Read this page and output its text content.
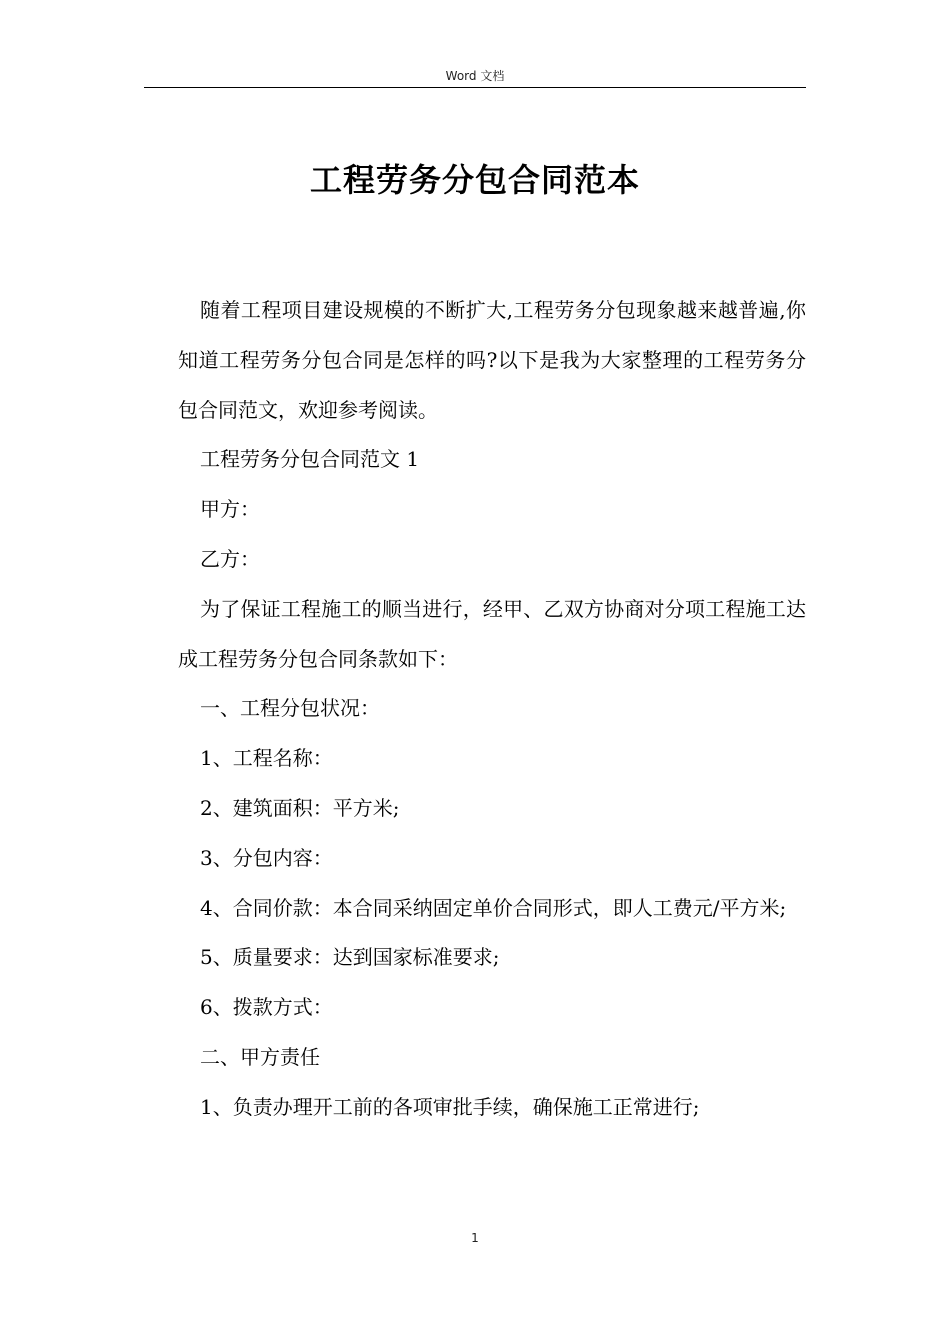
Word 文档
工程劳务分包合同范本

随着工程项目建设规模的不断扩大,工程劳务分包现象越来越普遍,你知道工程劳务分包合同是怎样的吗?以下是我为大家整理的工程劳务分包合同范文，欢迎参考阅读。

工程劳务分包合同范文 1

甲方：

乙方：

为了保证工程施工的顺当进行，经甲、乙双方协商对分项工程施工达成工程劳务分包合同条款如下：

一、工程分包状况：

1、工程名称：

2、建筑面积：平方米;

3、分包内容：

4、合同价款：本合同采纳固定单价合同形式，即人工费元/平方米;

5、质量要求：达到国家标准要求;

6、拨款方式：

二、甲方责任

1、负责办理开工前的各项审批手续，确保施工正常进行;

1
